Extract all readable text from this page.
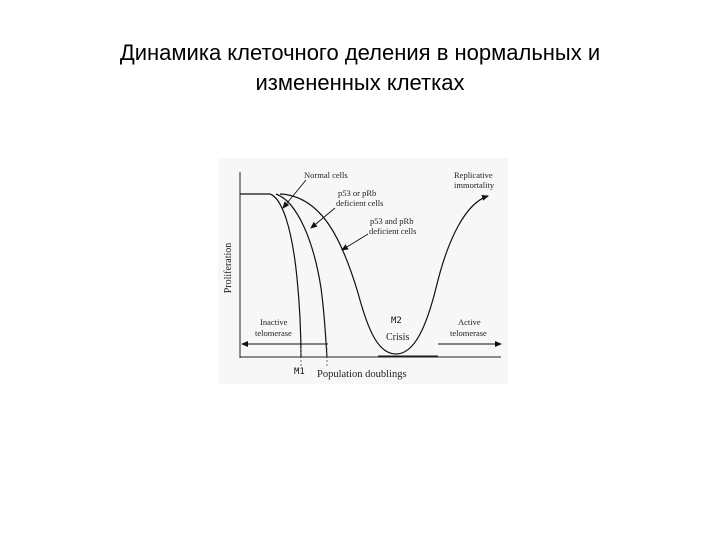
Динамика клеточного деления в нормальных и
измененных клетках
Proliferation
Population doublings
M1
Normal cells
p53 or pRb
deficient cells
p53 and pRb
deficient cells
Replicative
immortality
Inactive
telomerase
Active
telomerase
M2
Crisis
